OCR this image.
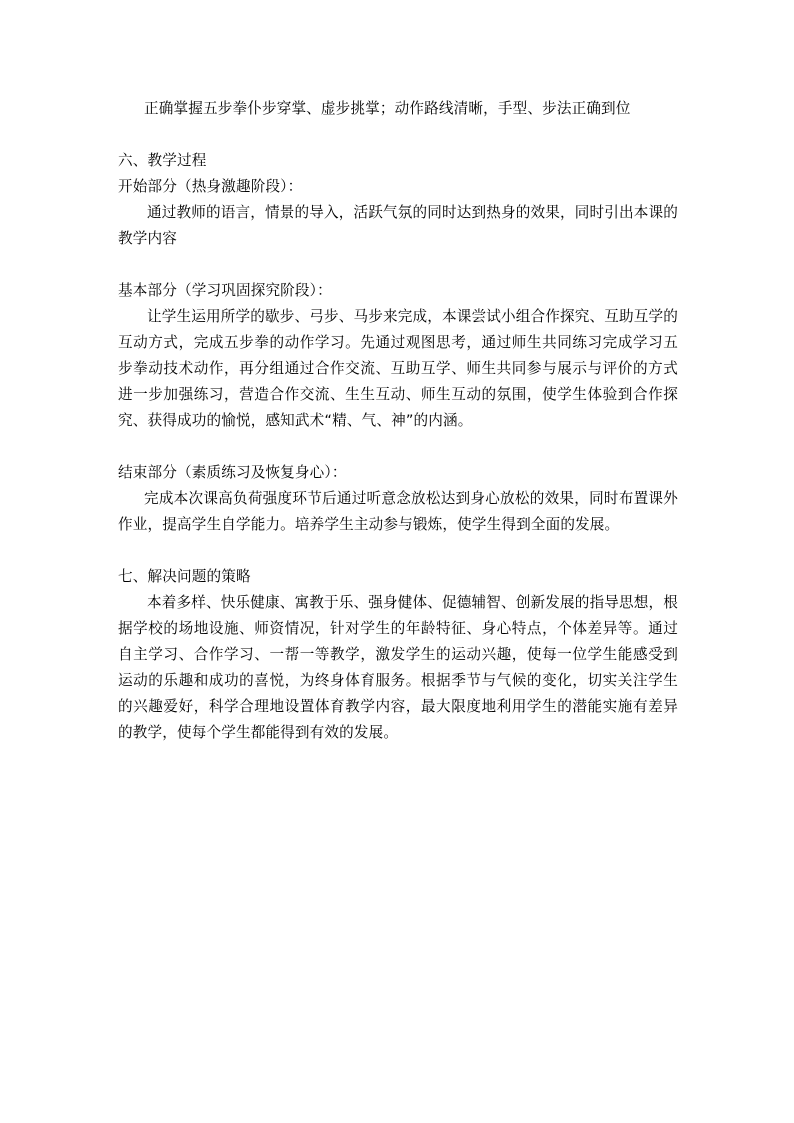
正确掌握五步拳仆步穿掌、虚步挑掌；动作路线清晰，手型、步法正确到位

六、教学过程

开始部分（热身激趣阶段）：

通过教师的语言，情景的导入，活跃气氛的同时达到热身的效果，同时引出本课的教学内容

基本部分（学习巩固探究阶段）：

让学生运用所学的歇步、弓步、马步来完成，本课尝试小组合作探究、互助互学的互动方式，完成五步拳的动作学习。先通过观图思考，通过师生共同练习完成学习五步拳动技术动作，再分组通过合作交流、互助互学、师生共同参与展示与评价的方式进一步加强练习，营造合作交流、生生互动、师生互动的氛围，使学生体验到合作探究、获得成功的愉悦，感知武术“精、气、神”的内涵。

结束部分（素质练习及恢复身心）：

完成本次课高负荷强度环节后通过听意念放松达到身心放松的效果，同时布置课外作业，提高学生自学能力。培养学生主动参与锻炼，使学生得到全面的发展。

七、解决问题的策略

本着多样、快乐健康、寓教于乐、强身健体、促德辅智、创新发展的指导思想，根据学校的场地设施、师资情况，针对学生的年龄特征、身心特点，个体差异等。通过自主学习、合作学习、一帮一等教学，激发学生的运动兴趣，使每一位学生能感受到运动的乐趣和成功的喜悦，为终身体育服务。根据季节与气候的变化，切实关注学生的兴趣爱好，科学合理地设置体育教学内容，最大限度地利用学生的潜能实施有差异的教学，使每个学生都能得到有效的发展。
